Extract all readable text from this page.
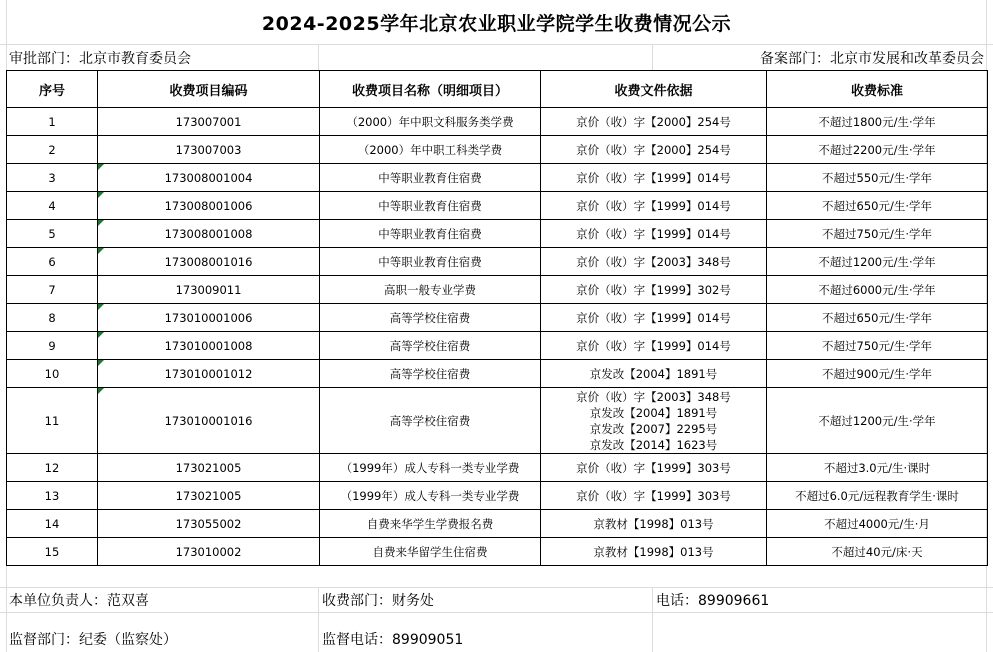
2024-2025学年北京农业职业学院学生收费情况公示
审批部门：北京市教育委员会	备案部门：北京市发展和改革委员会
序号	收费项目编码	收费项目名称（明细项目）	收费文件依据	收费标准
1	173007001	（2000）年中职文科服务类学费	京价（收）字【2000】254号	不超过1800元/生·学年
2	173007003	（2000）年中职工科类学费	京价（收）字【2000】254号	不超过2200元/生·学年
3	173008001004	中等职业教育住宿费	京价（收）字【1999】014号	不超过550元/生·学年
4	173008001006	中等职业教育住宿费	京价（收）字【1999】014号	不超过650元/生·学年
5	173008001008	中等职业教育住宿费	京价（收）字【1999】014号	不超过750元/生·学年
6	173008001016	中等职业教育住宿费	京价（收）字【2003】348号	不超过1200元/生·学年
7	173009011	高职一般专业学费	京价（收）字【1999】302号	不超过6000元/生·学年
8	173010001006	高等学校住宿费	京价（收）字【1999】014号	不超过650元/生·学年
9	173010001008	高等学校住宿费	京价（收）字【1999】014号	不超过750元/生·学年
10	173010001012	高等学校住宿费	京发改【2004】1891号	不超过900元/生·学年
11	173010001016	高等学校住宿费	京价（收）字【2003】348号
京发改【2004】1891号
京发改【2007】2295号
京发改【2014】1623号	不超过1200元/生·学年
12	173021005	（1999年）成人专科一类专业学费	京价（收）字【1999】303号	不超过3.0元/生·课时
13	173021005	（1999年）成人专科一类专业学费	京价（收）字【1999】303号	不超过6.0元/远程教育学生·课时
14	173055002	自费来华学生学费报名费	京教材【1998】013号	不超过4000元/生·月
15	173010002	自费来华留学生住宿费	京教材【1998】013号	不超过40元/床·天
本单位负责人：范双喜	收费部门：财务处	电话：89909661
监督部门：纪委（监察处）	监督电话：89909051
